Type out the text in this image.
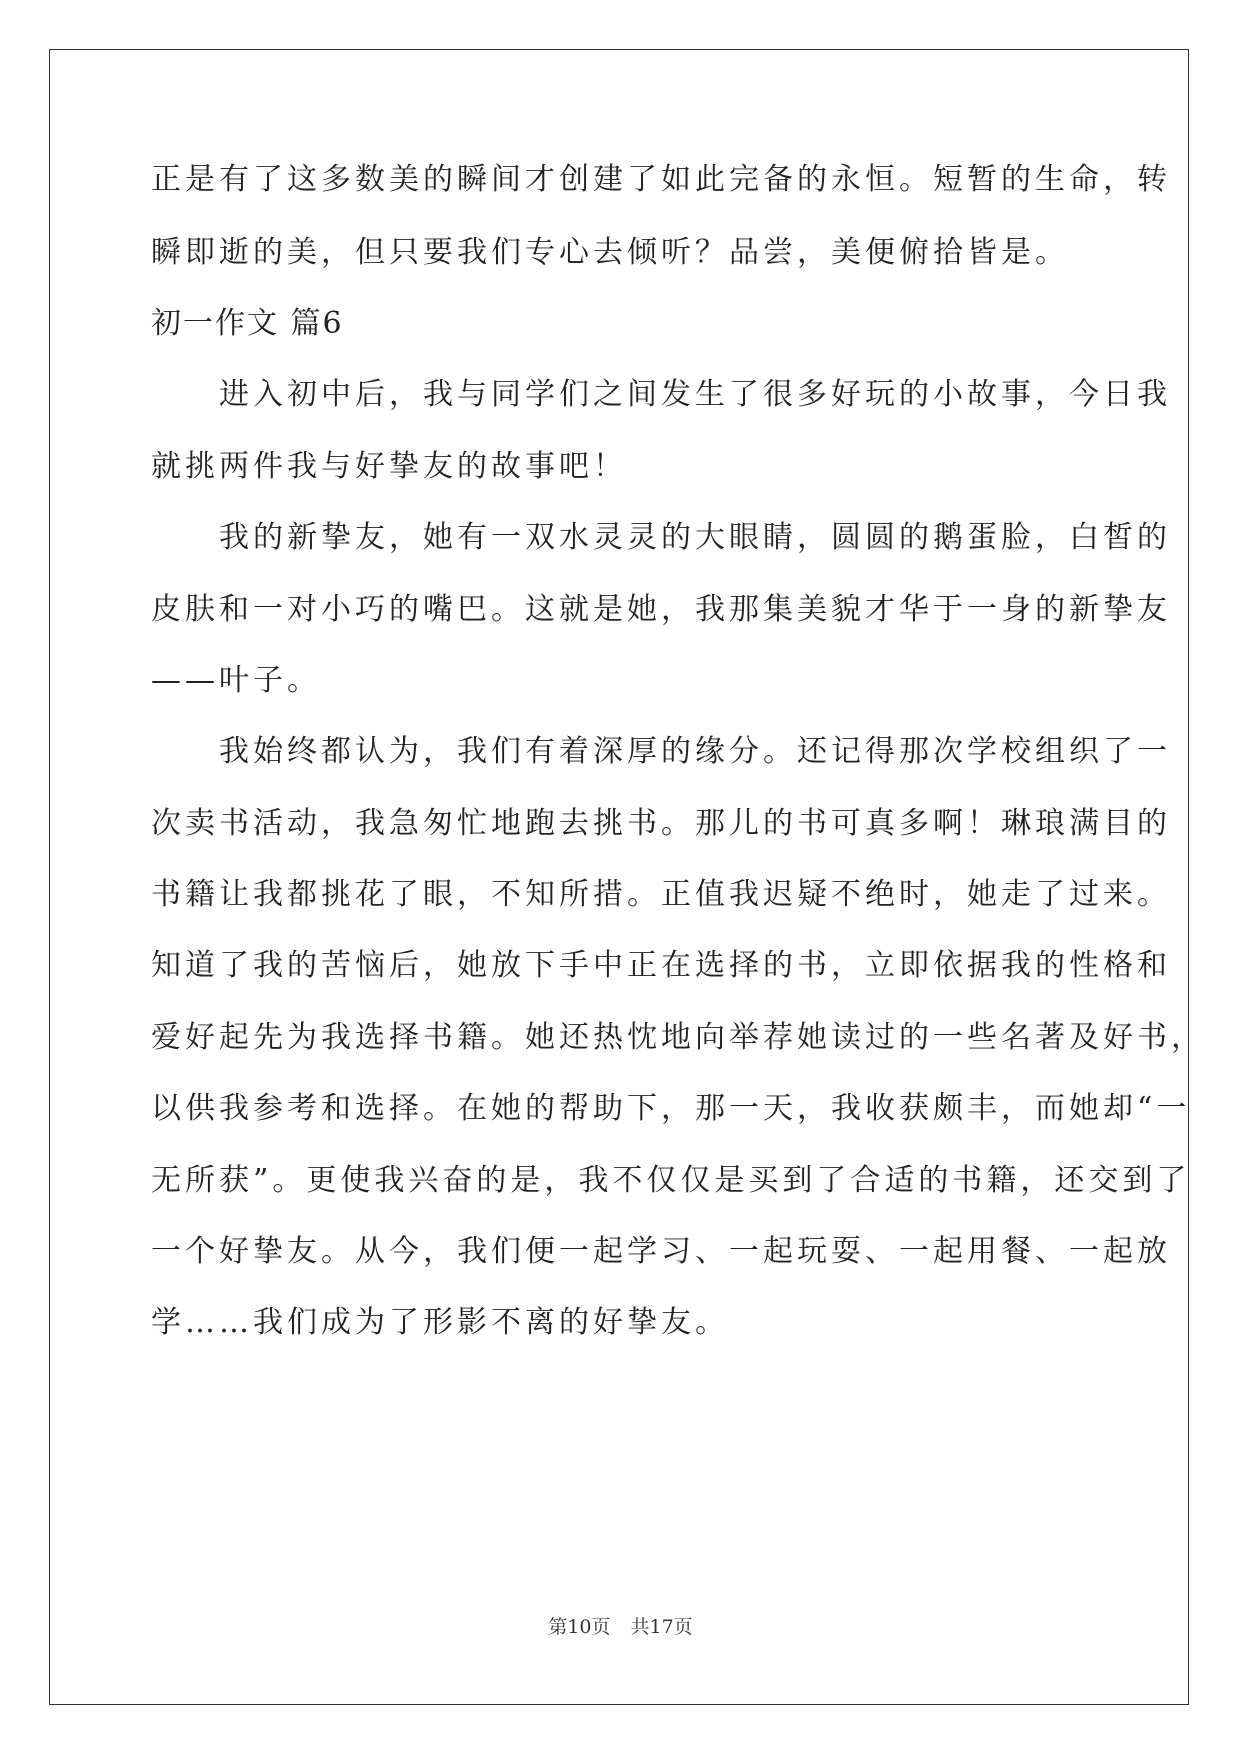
正是有了这多数美的瞬间才创建了如此完备的永恒。短暂的生命，转
瞬即逝的美，但只要我们专心去倾听？品尝，美便俯拾皆是。
初一作文 篇6
　　进入初中后，我与同学们之间发生了很多好玩的小故事，今日我
就挑两件我与好挚友的故事吧！
　　我的新挚友，她有一双水灵灵的大眼睛，圆圆的鹅蛋脸，白皙的
皮肤和一对小巧的嘴巴。这就是她，我那集美貌才华于一身的新挚友
——叶子。
　　我始终都认为，我们有着深厚的缘分。还记得那次学校组织了一
次卖书活动，我急匆忙地跑去挑书。那儿的书可真多啊！琳琅满目的
书籍让我都挑花了眼，不知所措。正值我迟疑不绝时，她走了过来。
知道了我的苦恼后，她放下手中正在选择的书，立即依据我的性格和
爱好起先为我选择书籍。她还热忱地向举荐她读过的一些名著及好书，
以供我参考和选择。在她的帮助下，那一天，我收获颇丰，而她却“一
无所获”。更使我兴奋的是，我不仅仅是买到了合适的书籍，还交到了
一个好挚友。从今，我们便一起学习、一起玩耍、一起用餐、一起放
学……我们成为了形影不离的好挚友。
第10页 共17页
